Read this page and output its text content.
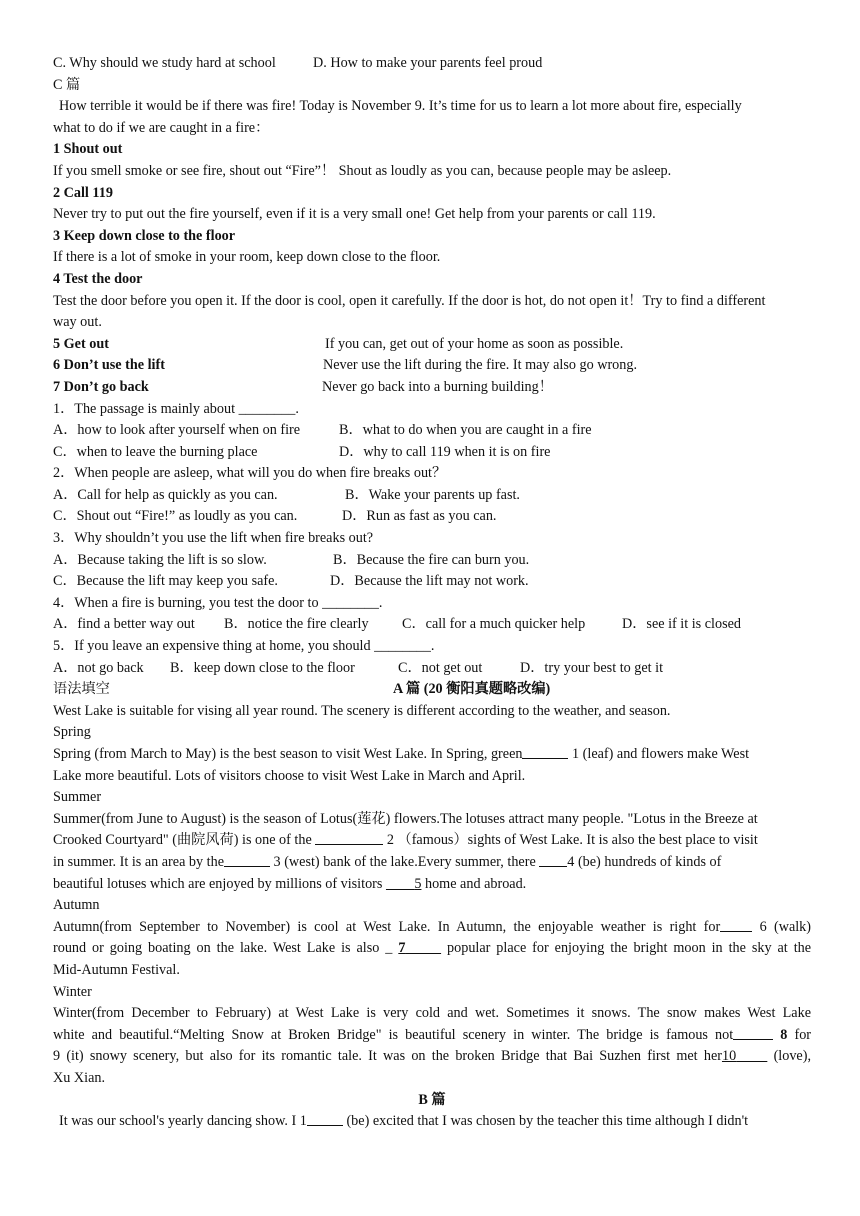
C. Why should we study hard at school	D. How to make your parents feel proud
C 篇
How terrible it would be if there was fire! Today is November 9. It’s time for us to learn a lot more about fire, especially
what to do if we are caught in a fire：
1 Shout out
If you smell smoke or see fire, shout out “Fire”！ Shout as loudly as you can, because people may be asleep.
2 Call 119
Never try to put out the fire yourself, even if it is a very small one! Get help from your parents or call 119.
3 Keep down close to the floor
If there is a lot of smoke in your room, keep down close to the floor.
4 Test the door
Test the door before you open it. If the door is cool, open it carefully. If the door is hot, do not open it！Try to find a different
way out.
5 Get out	If you can, get out of your home as soon as possible.
6 Don’t use the lift	Never use the lift during the fire. It may also go wrong.
7 Don’t go back	Never go back into a burning building！
1．The passage is mainly about ________.
A．how to look after yourself when on fire	B．what to do when you are caught in a fire
C．when to leave the burning place	D．why to call 119 when it is on fire
2．When people are asleep, what will you do when fire breaks out？
A．Call for help as quickly as you can.	B．Wake your parents up fast.
C．Shout out “Fire!” as loudly as you can.	D．Run as fast as you can.
3．Why shouldn’t you use the lift when fire breaks out?
A．Because taking the lift is so slow.	B．Because the fire can burn you.
C．Because the lift may keep you safe.	D．Because the lift may not work.
4．When a fire is burning, you test the door to ________.
A．find a better way out B．notice the fire clearly C．call for a much quicker help	D．see if it is closed
5．If you leave an expensive thing at home, you should ________.
A．not go back B．keep down close to the floor	C．not get out	D．try your best to get it
语法填空	A 篇 (20 衡阳真题略改编)
West Lake is suitable for vising all year round. The scenery is different according to the weather, and season.
Spring
Spring (from March to May) is the best season to visit West Lake. In Spring, green	1 (leaf) and flowers make West
Lake more beautiful. Lots of visitors choose to visit West Lake in March and April.
Summer
Summer(from June to August) is the season of Lotus(莲花) flowers.The lotuses attract many people. "Lotus in the Breeze at
Crooked Courtyard" (曲院风荷) is one of the	2 （famous）sights of West Lake. It is also the best place to visit
in summer. It is an area by the	3 (west) bank of the lake.Every summer, there 4 (be) hundreds of kinds of
beautiful lotuses which are enjoyed by millions of visitors 5 home and abroad.
Autumn
Autumn(from September to November) is cool at West Lake. In Autumn, the enjoyable weather is right for	6 (walk)
round or going boating on the lake. West Lake is also _ 7	popular place for enjoying the bright moon in the sky at the
Mid-Autumn Festival.
Winter
Winter(from December to February) at West Lake is very cold and wet. Sometimes it snows. The snow makes West Lake
white and beautiful.“Melting Snow at Broken Bridge" is beautiful scenery in winter. The bridge is famous not	8 for
9 (it) snowy scenery, but also for its romantic tale. It was on the broken Bridge that Bai Suzhen first met her10	(love),
Xu Xian.
B 篇
It was our school's yearly dancing show. I 1	(be) excited that I was chosen by the teacher this time although I didn't
